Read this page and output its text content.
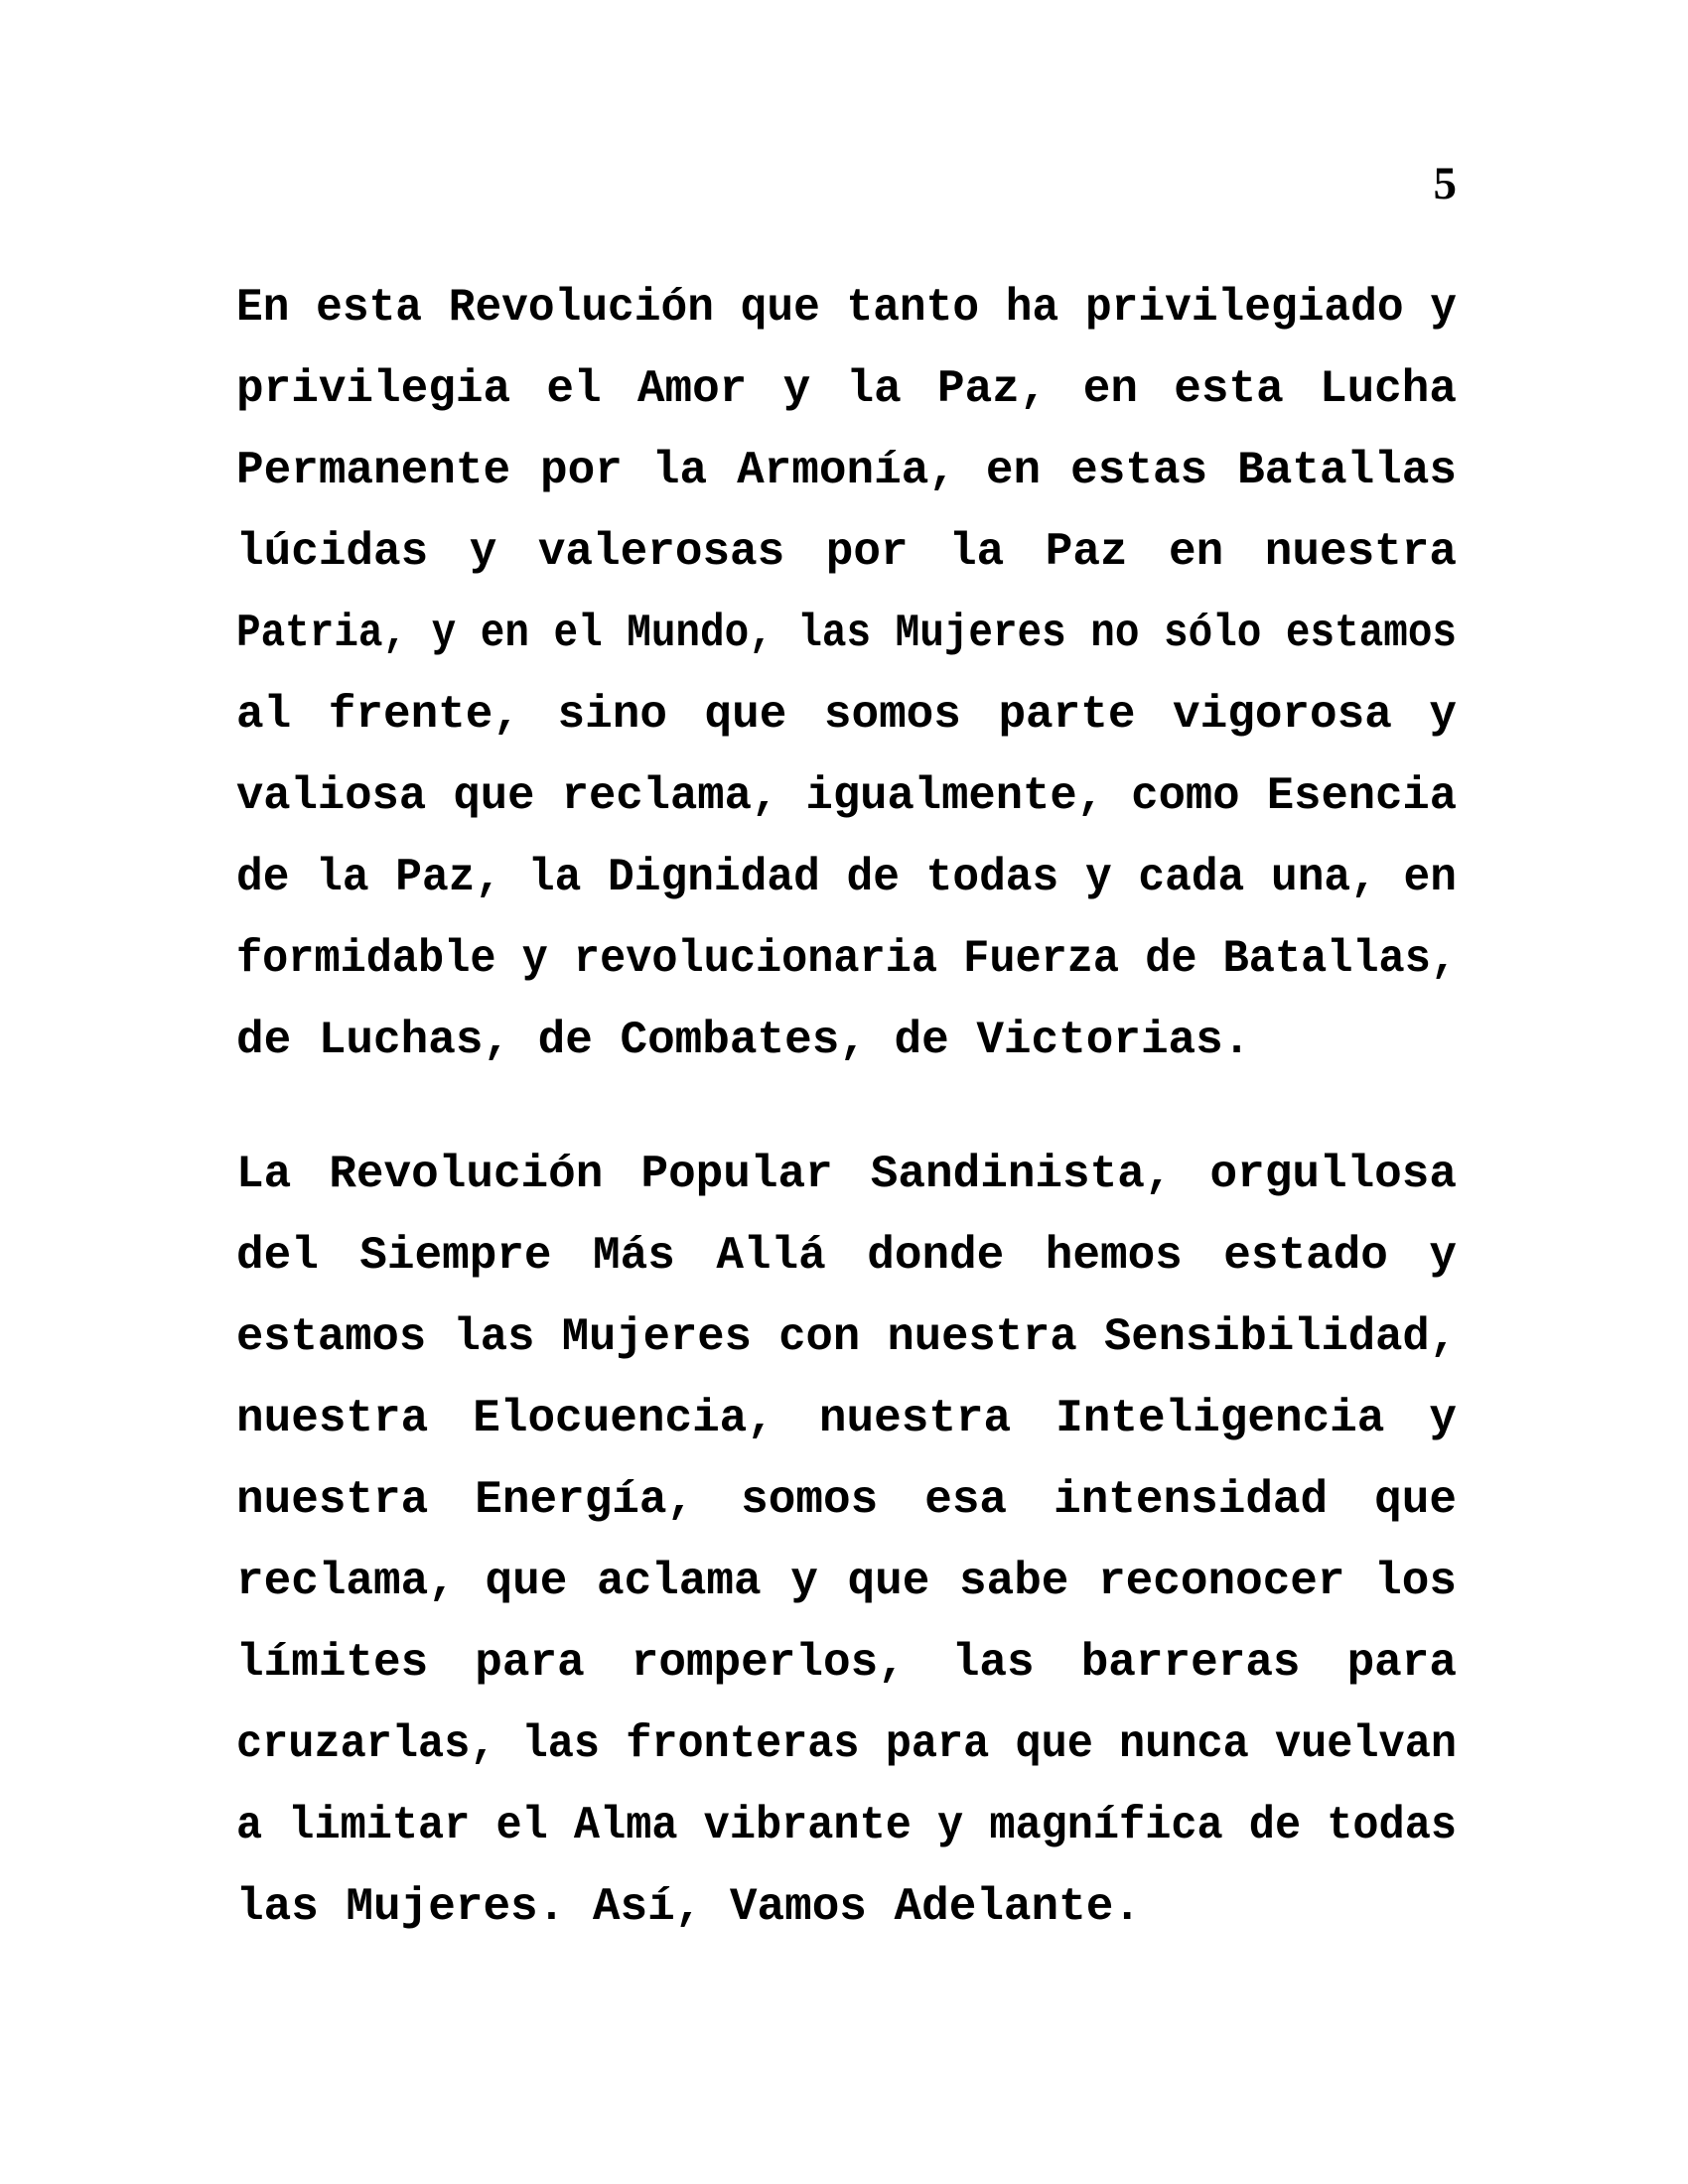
5
En esta Revolución que tanto ha privilegiado y
privilegia el Amor y la Paz, en esta Lucha
Permanente por la Armonía, en estas Batallas
lúcidas y valerosas por la Paz en nuestra
Patria, y en el Mundo, las Mujeres no sólo estamos
al frente, sino que somos parte vigorosa y
valiosa que reclama, igualmente, como Esencia
de la Paz, la Dignidad de todas y cada una, en
formidable y revolucionaria Fuerza de Batallas,
de Luchas, de Combates, de Victorias.
La Revolución Popular Sandinista, orgullosa
del Siempre Más Allá donde hemos estado y
estamos las Mujeres con nuestra Sensibilidad,
nuestra Elocuencia, nuestra Inteligencia y
nuestra Energía, somos esa intensidad que
reclama, que aclama y que sabe reconocer los
límites para romperlos, las barreras para
cruzarlas, las fronteras para que nunca vuelvan
a limitar el Alma vibrante y magnífica de todas
las Mujeres. Así, Vamos Adelante.
